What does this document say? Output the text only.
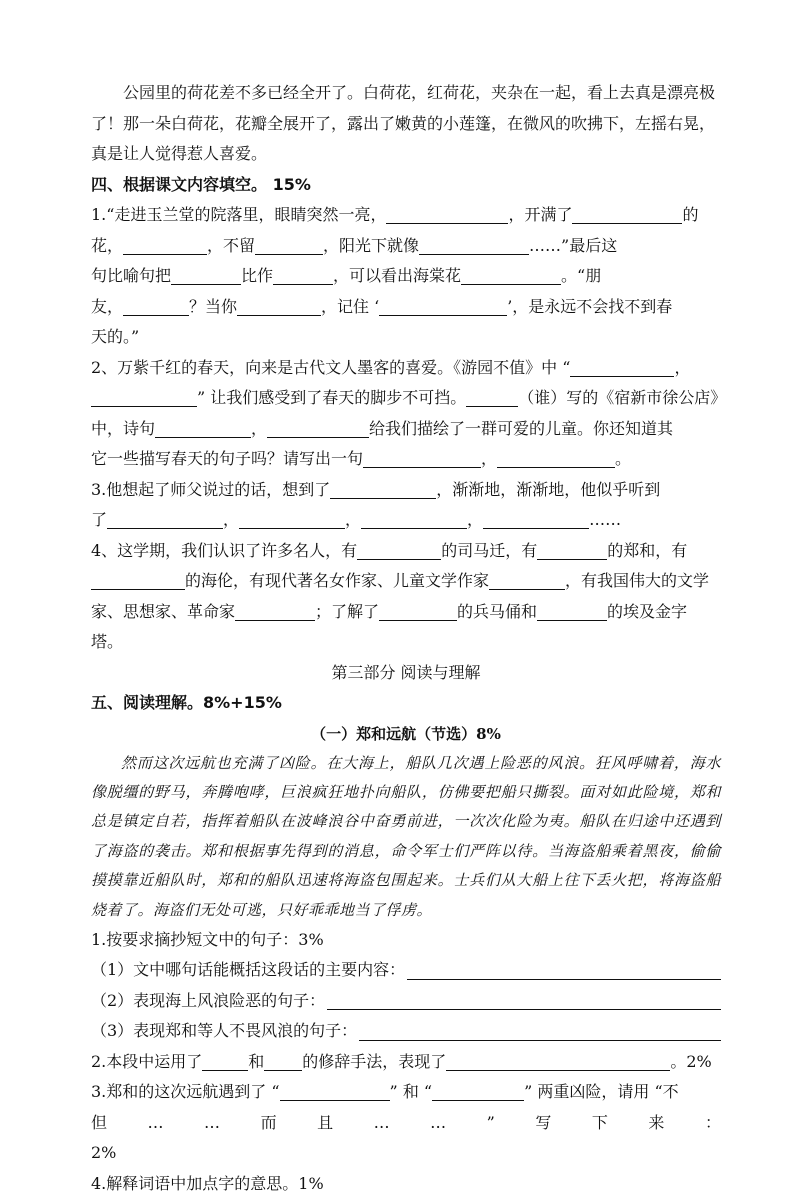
公园里的荷花差不多已经全开了。白荷花，红荷花，夹杂在一起，看上去真是漂亮极了！那一朵白荷花，花瓣全展开了，露出了嫩黄的小莲篷，在微风的吹拂下，左摇右晃，真是让人觉得惹人喜爱。

四、根据课文内容填空。 15%
1.“走进玉兰堂的院落里，眼睛突然一亮，	，开满了	的
花，	，不留	，阳光下就像	……”最后这
句比喻句把	比作	，可以看出海棠花	。“朋
友，	？当你	，记住 ‘	’，是永远不会找不到春
天的。”
2、万紫千红的春天，向来是古代文人墨客的喜爱。《游园不值》中 “	，
” 让我们感受到了春天的脚步不可挡。	（谁）写的《宿新市徐公店》
中，诗句	，	给我们描绘了一群可爱的儿童。你还知道其
它一些描写春天的句子吗？请写出一句	，	。
3.他想起了师父说过的话，想到了	，渐渐地，渐渐地，他似乎听到
了	，	，	，	……
4、这学期，我们认识了许多名人，有	的司马迁，有	的郑和，有
的海伦，有现代著名女作家、儿童文学作家	，有我国伟大的文学
家、思想家、革命家	；了解了	的兵马俑和	的埃及金字
塔。
第三部分 阅读与理解
五、阅读理解。8%+15%
（一）郑和远航（节选）8%

然而这次远航也充满了凶险。在大海上，船队几次遇上险恶的风浪。狂风呼啸着，海水像脱缰的野马，奔腾咆哮，巨浪疯狂地扑向船队，仿佛要把船只撕裂。面对如此险境，郑和总是镇定自若，指挥着船队在波峰浪谷中奋勇前进，一次次化险为夷。船队在归途中还遇到了海盗的袭击。郑和根据事先得到的消息，命令军士们严阵以待。当海盗船乘着黑夜，偷偷摸摸靠近船队时，郑和的船队迅速将海盗包围起来。士兵们从大船上往下丢火把，将海盗船烧着了。海盗们无处可逃，只好乖乖地当了俘虏。

1.按要求摘抄短文中的句子：3%
（1）文中哪句话能概括这段话的主要内容：
（2）表现海上风浪险恶的句子：
（3）表现郑和等人不畏风浪的句子：
2.本段中运用了	和 的修辞手法，表现了	。2%
3.郑和的这次远航遇到了 “	” 和 “	” 两重凶险，请用 “不
但	…	…	而	且	…	…	”	写	下	来	：
2%
4.解释词语中加点字的意思。1%
